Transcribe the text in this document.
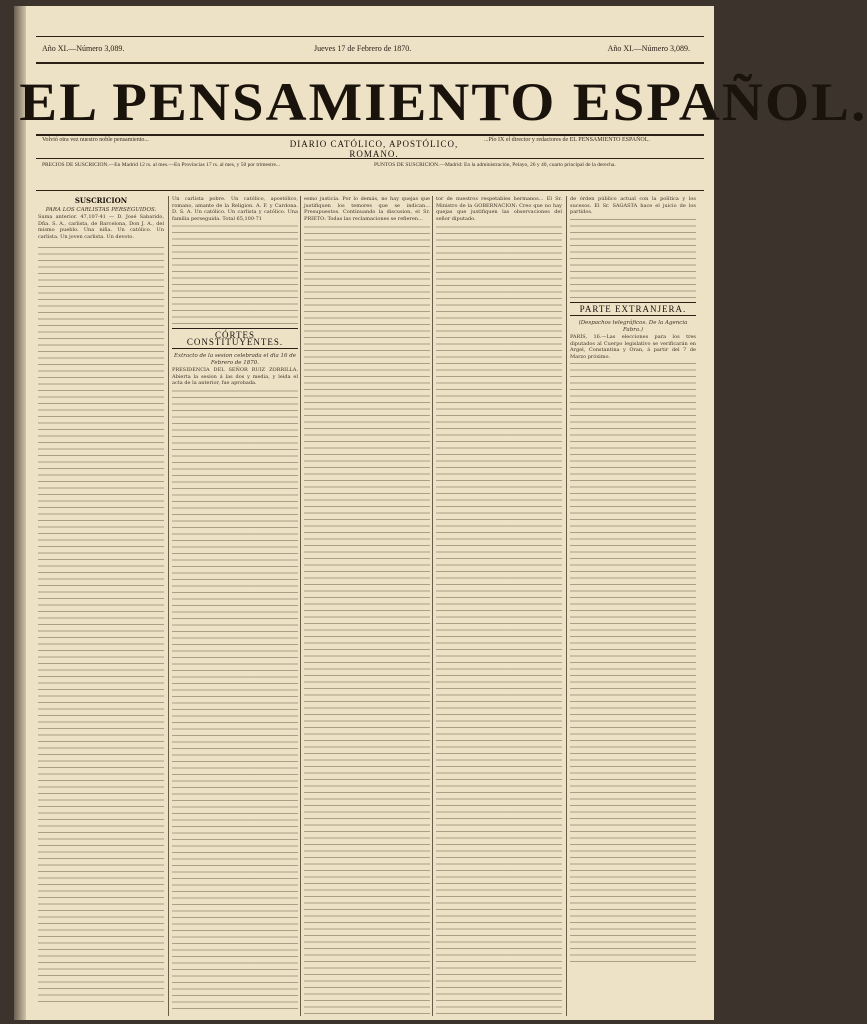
Año XI.—Número 3,089.	Jueves 17 de Febrero de 1870.	Año XI.—Número 3,089.
EL PENSAMIENTO ESPAÑOL.
Volvió otra vez nuestro noble pensamiento...	DIARIO CATÓLICO, APOSTÓLICO, ROMANO.
...Pío IX el director y redactores de EL PENSAMIENTO ESPAÑOL.
PRECIOS DE SUSCRICION.—En Madrid 12 rs. al mes.—En Provincias 17 rs. al mes, y 50 por trimestre...	PUNTOS DE SUSCRICION.—Madrid: En la administración, Pelayo, 26 y 40, cuarto principal de la derecha.
SUSCRICION
PARA LOS CARLISTAS PERSEGUIDOS.
Suma anterior. 47,107·41 — D. José Sabarido, Dña. S. A., carlista, de Barcelona, Don J. A., del mismo pueblo. Una niña. Un católico. Un carlista. Un joven carlista. Un devoto.
Un carlista pobre. Un católico, apostólico, romano, amante de la Religion. A. F. y Cardona. D. S. A. Un católico. Un carlista y católico. Una familia perseguida. Total 65,100·71
CÓRTES CONSTITUYENTES.
Extracto de la sesion celebrada el dia 16 de Febrero de 1870.
PRESIDENCIA DEL SEÑOR RUIZ ZORRILLA. Abierta la sesion á las dos y media, y leida el acta de la anterior, fue aprobada.
esmo justicia. Por lo demás, no hay quejas que justifiquen los temores que se indican... Presupuestos. Continuando la discusion, el Sr. PRIETO: Todas las reclamaciones se refieren...
tor de nuestros respetables hermanos... El Sr. Ministro de la GOBERNACION: Creo que no hay quejas que justifiquen las observaciones del señor diputado.
de órden público actual con la política y los sucesos. El Sr. SAGASTA hace el juicio de los partidos.
PARTE EXTRANJERA.
(Despachos telegráficos. De la Agencia Fabra.)
PARÍS, 16.—Las elecciones para los tres diputados al Cuerpo legislativo se verificarán en Argel, Constantina y Oran, á partir del 7 de Marzo próximo.
